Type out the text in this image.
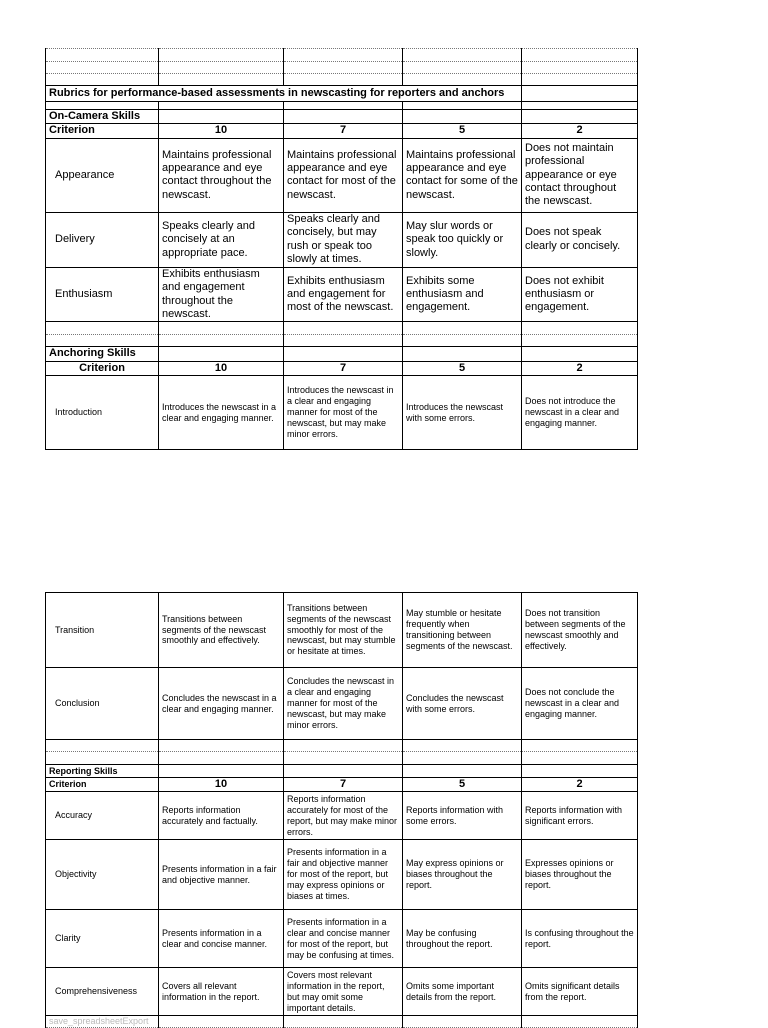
Rubrics for performance-based assessments in newscasting for reporters and anchors				

On-Camera Skills				
Criterion	10	7	5	2
Appearance	Maintains professional appearance and eye contact throughout the newscast.	Maintains professional appearance and eye contact for most of the newscast.	Maintains professional appearance and eye contact for some of the newscast.	Does not maintain professional appearance or eye contact throughout the newscast.
Delivery	Speaks clearly and concisely at an appropriate pace.	Speaks clearly and concisely, but may rush or speak too slowly at times.	May slur words or speak too quickly or slowly.	Does not speak clearly or concisely.
Enthusiasm	Exhibits enthusiasm and engagement throughout the newscast.	Exhibits enthusiasm and engagement for most of the newscast.	Exhibits some enthusiasm and engagement.	Does not exhibit enthusiasm or engagement.

Anchoring Skills				
Criterion	10	7	5	2
Introduction	Introduces the newscast in a clear and engaging manner.	Introduces the newscast in a clear and engaging manner for most of the newscast, but may make minor errors.	Introduces the newscast with some errors.	Does not introduce the newscast in a clear and engaging manner.
Transition	Transitions between segments of the newscast smoothly and effectively.	Transitions between segments of the newscast smoothly for most of the newscast, but may stumble or hesitate at times.	May stumble or hesitate frequently when transitioning between segments of the newscast.	Does not transition between segments of the newscast smoothly and effectively.
Conclusion	Concludes the newscast in a clear and engaging manner.	Concludes the newscast in a clear and engaging manner for most of the newscast, but may make minor errors.	Concludes the newscast with some errors.	Does not conclude the newscast in a clear and engaging manner.

Reporting Skills				
Criterion	10	7	5	2
Accuracy	Reports information accurately and factually.	Reports information accurately for most of the report, but may make minor errors.	Reports information with some errors.	Reports information with significant errors.
Objectivity	Presents information in a fair and objective manner.	Presents information in a fair and objective manner for most of the report, but may express opinions or biases at times.	May express opinions or biases throughout the report.	Expresses opinions or biases throughout the report.
Clarity	Presents information in a clear and concise manner.	Presents information in a clear and concise manner for most of the report, but may be confusing at times.	May be confusing throughout the report.	Is confusing throughout the report.
Comprehensiveness	Covers all relevant information in the report.	Covers most relevant information in the report, but may omit some important details.	Omits some important details from the report.	Omits significant details from the report.
save_spreadsheetExport				
